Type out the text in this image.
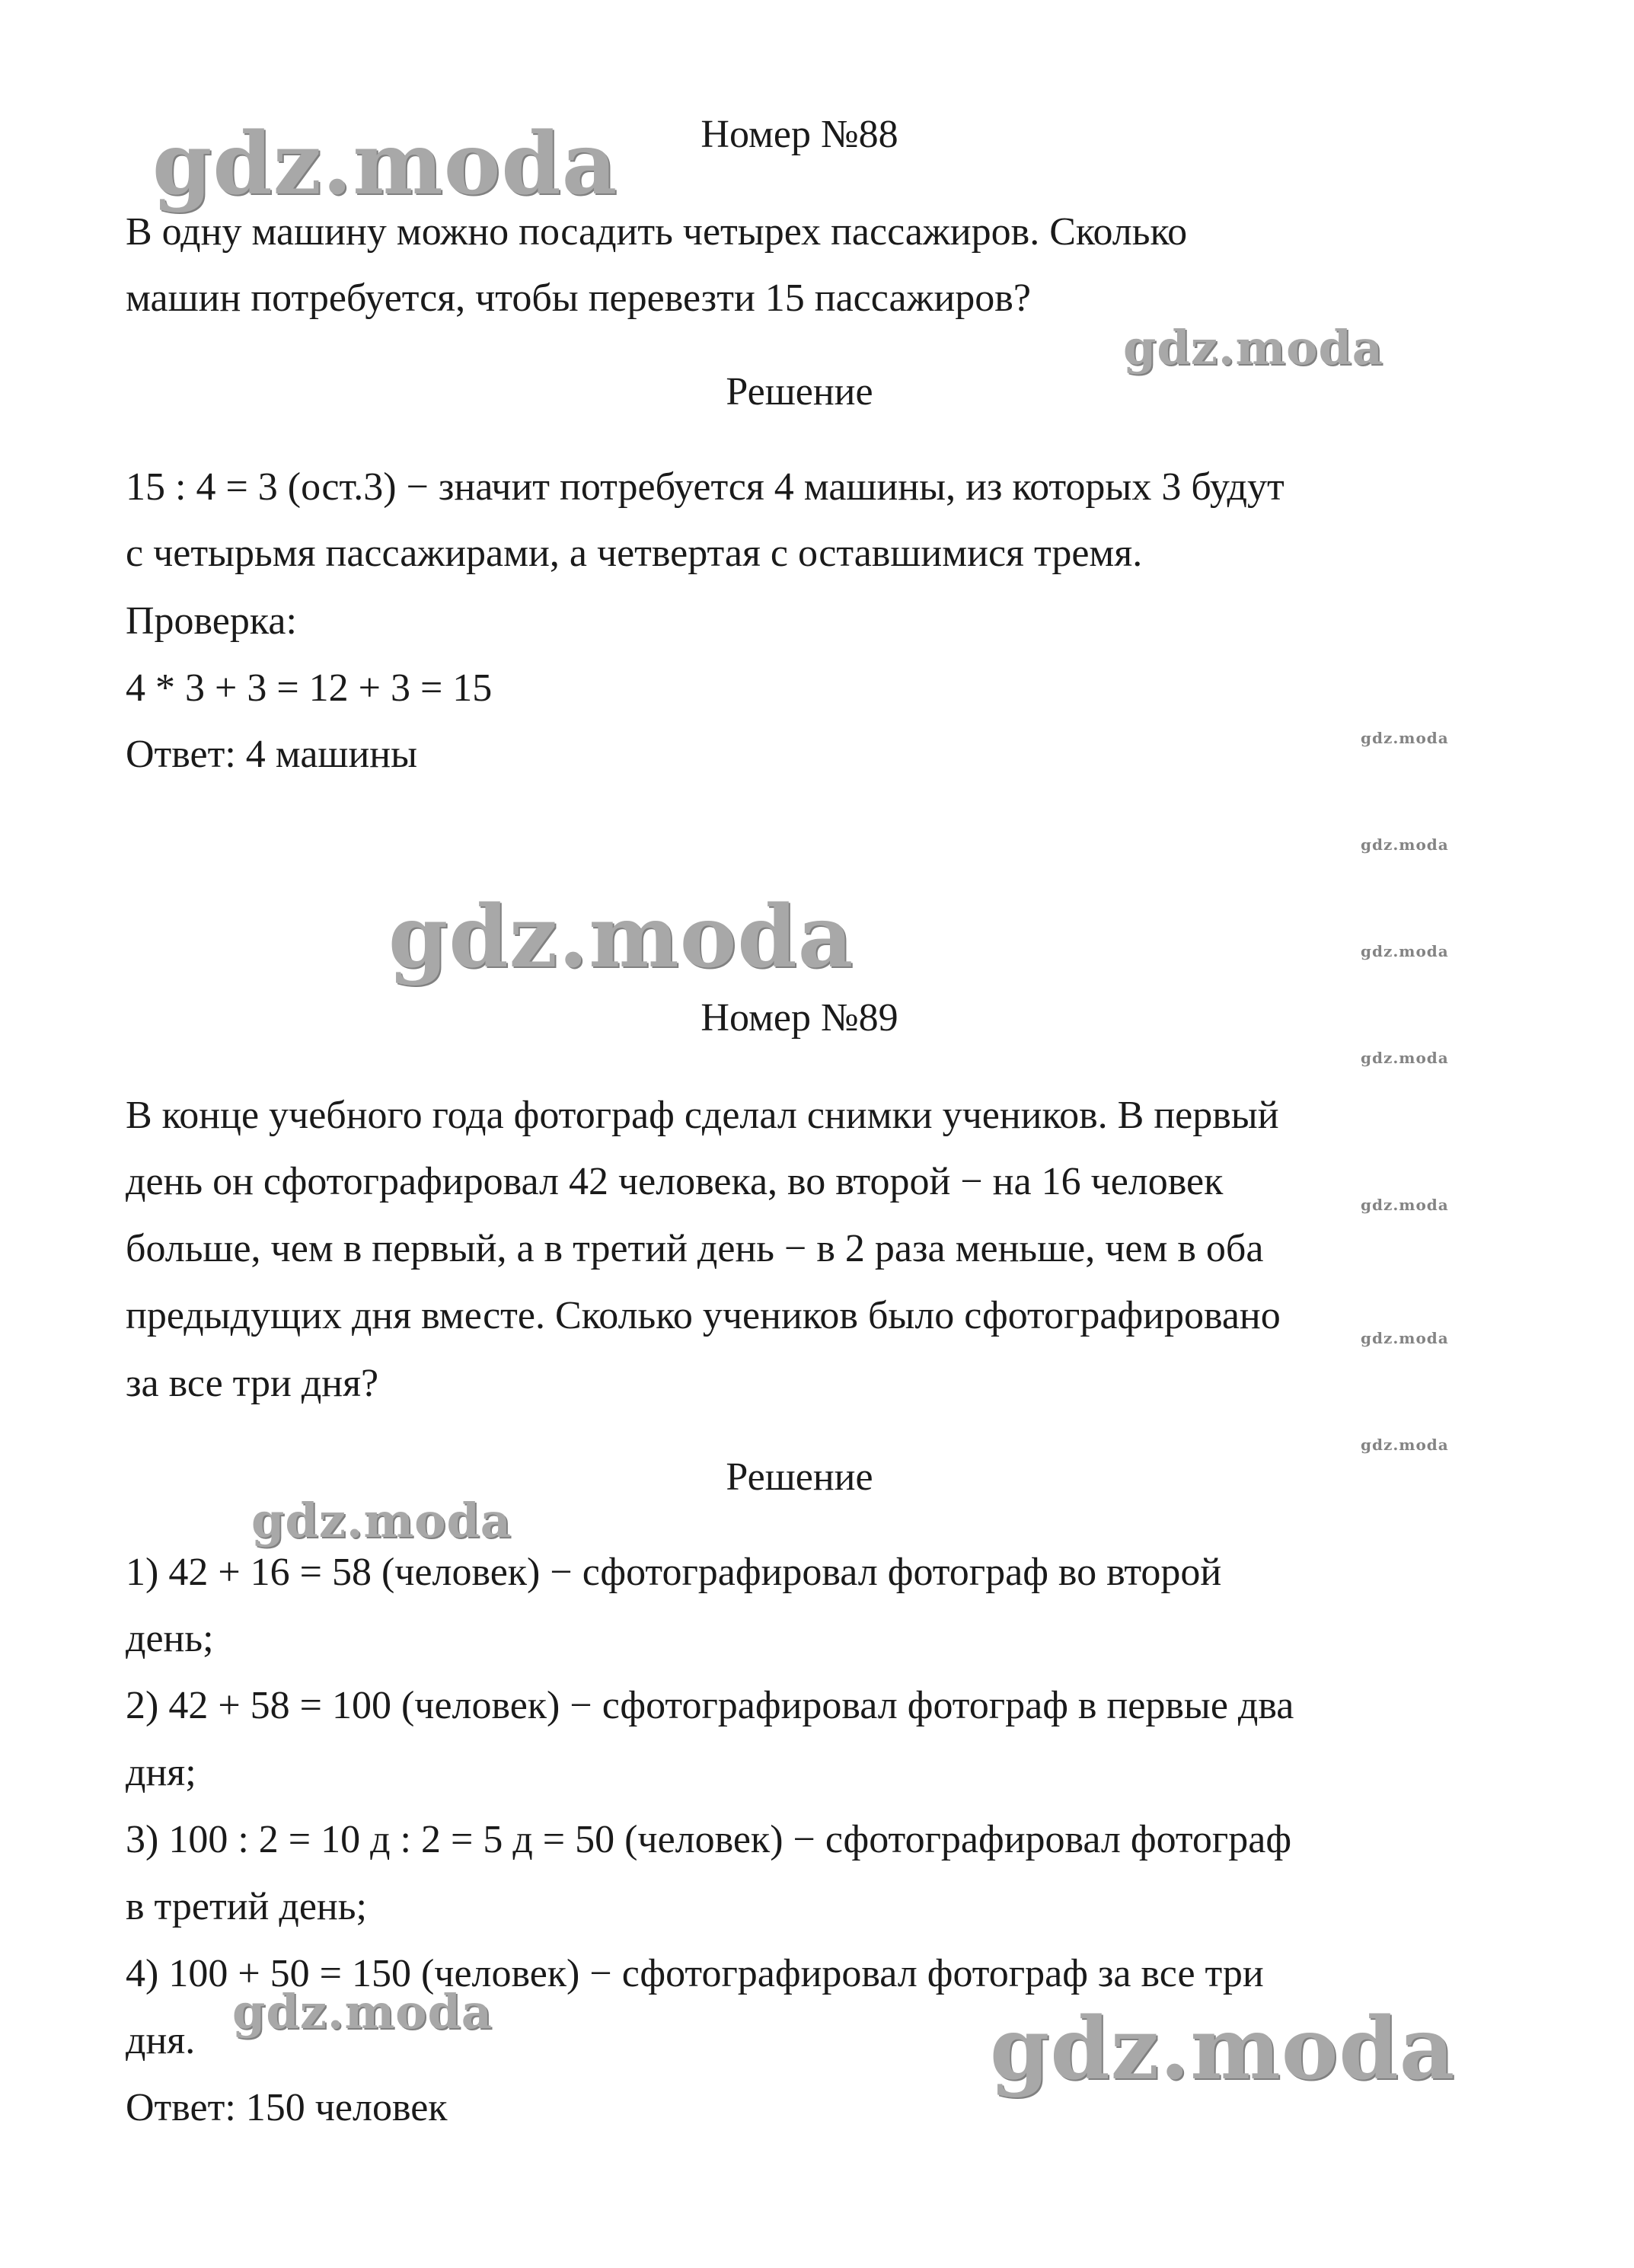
gdz.moda
gdz.moda
gdz.moda
gdz.moda
gdz.moda	gdz.moda
gdz.moda
gdz.moda
gdz.moda
gdz.moda
gdz.moda
gdz.moda	gdz.moda
Номер №88
В одну машину можно посадить четырех пассажиров. Сколько
машин потребуется, чтобы перевезти 15 пассажиров?
Решение
15 : 4 = 3 (ост.3) − значит потребуется 4 машины, из которых 3 будут
с четырьмя пассажирами, а четвертая с оставшимися тремя.
Проверка:
4 * 3 + 3 = 12 + 3 = 15
Ответ: 4 машины
Номер №89
В конце учебного года фотограф сделал снимки учеников. В первый
день он сфотографировал 42 человека, во второй − на 16 человек
больше, чем в первый, а в третий день − в 2 раза меньше, чем в оба
предыдущих дня вместе. Сколько учеников было сфотографировано
за все три дня?
Решение
1) 42 + 16 = 58 (человек) − сфотографировал фотограф во второй
день;
2) 42 + 58 = 100 (человек) − сфотографировал фотограф в первые два
дня;
3) 100 : 2 = 10 д : 2 = 5 д = 50 (человек) − сфотографировал фотограф
в третий день;
4) 100 + 50 = 150 (человек) − сфотографировал фотограф за все три
дня.
Ответ: 150 человек
